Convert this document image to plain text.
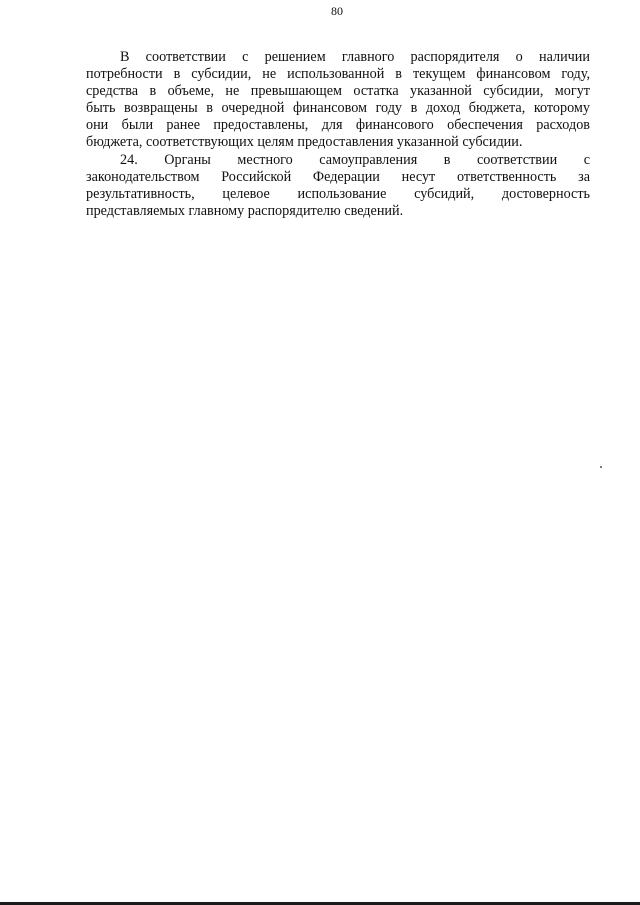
80
В соответствии с решением главного распорядителя о наличии
потребности в субсидии, не использованной в текущем финансовом году,
средства в объеме, не превышающем остатка указанной субсидии, могут
быть возвращены в очередной финансовом году в доход бюджета, которому
они были ранее предоставлены, для финансового обеспечения расходов
бюджета, соответствующих целям предоставления указанной субсидии.
24. Органы местного самоуправления в соответствии с
законодательством Российской Федерации несут ответственность за
результативность, целевое использование субсидий, достоверность
представляемых главному распорядителю сведений.
